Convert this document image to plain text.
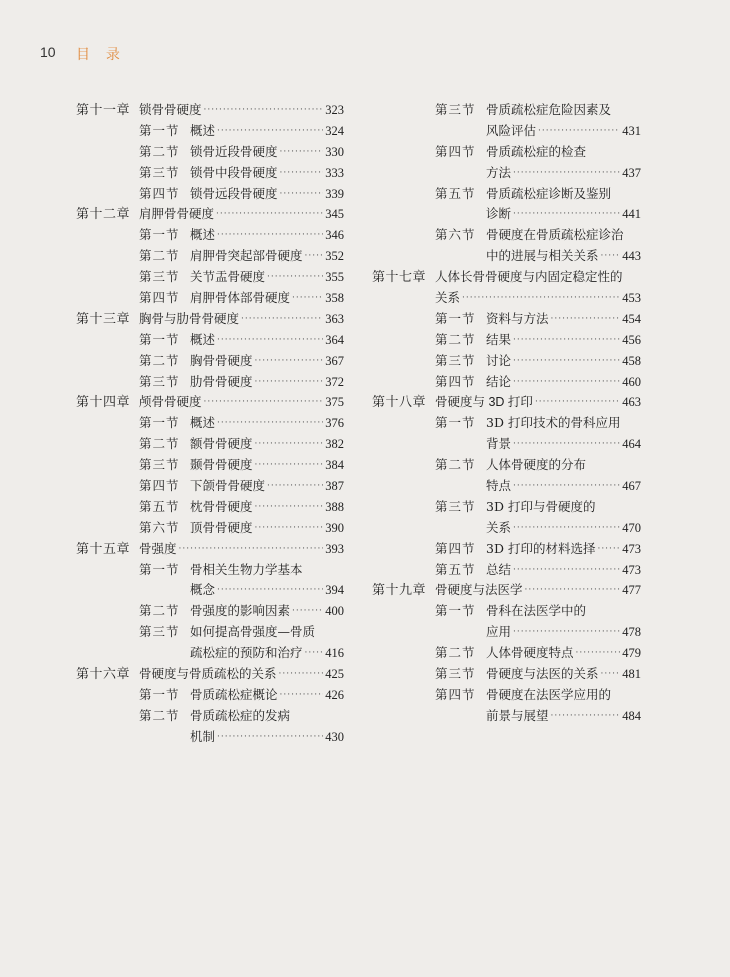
10 目 录
第十一章 锁骨骨硬度 ·····	323
第一节 概述 ·····	324
第二节 锁骨近段骨硬度 ·····	330
第三节 锁骨中段骨硬度 ·····	333
第四节 锁骨远段骨硬度 ·····	339
第十二章 肩胛骨骨硬度 ·····	345
第一节 概述 ·····	346
第二节 肩胛骨突起部骨硬度 ····· 352
第三节 关节盂骨硬度 ·····	355
第四节 肩胛骨体部骨硬度 ·····	358
第十三章 胸骨与肋骨骨硬度 ·····	363
第一节 概述 ·····	364
第二节 胸骨骨硬度 ·····	367
第三节 肋骨骨硬度 ·····	372
第十四章 颅骨骨硬度 ·····	375
第一节 概述 ·····	376
第二节 额骨骨硬度 ·····	382
第三节 颞骨骨硬度 ·····	384
第四节 下颌骨骨硬度 ·····	387
第五节 枕骨骨硬度 ·····	388
第六节 顶骨骨硬度 ·····	390
第十五章 骨强度 ·····	393
第一节 骨相关生物力学基本
概念 ·····	394
第二节 骨强度的影响因素 ·····	400
第三节 如何提高骨强度—骨质
疏松症的预防和治疗 ····· 416
第十六章 骨硬度与骨质疏松的关系 ·····	425
第一节 骨质疏松症概论 ·····	426
第二节 骨质疏松症的发病
机制 ·····	430
第三节 骨质疏松症危险因素及
风险评估 ·····	431
第四节 骨质疏松症的检查
方法 ·····	437
第五节 骨质疏松症诊断及鉴别
诊断 ·····	441
第六节 骨硬度在骨质疏松症诊治
中的进展与相关关系 ····· 443
第十七章 人体长骨骨硬度与内固定稳定性的
关系 ·····	453
第一节 资料与方法 ·····	454
第二节 结果 ·····	456
第三节 讨论 ·····	458
第四节 结论 ·····	460
第十八章 骨硬度与 3D 打印 ·····	463
第一节 3D 打印技术的骨科应用
背景 ·····	464
第二节 人体骨硬度的分布
特点 ·····	467
第三节 3D 打印与骨硬度的
关系 ·····	470
第四节 3D 打印的材料选择 ····· 473
第五节 总结 ·····	473
第十九章 骨硬度与法医学 ·····	477
第一节 骨科在法医学中的
应用 ·····	478
第二节 人体骨硬度特点 ·····	479
第三节 骨硬度与法医的关系 ····· 481
第四节 骨硬度在法医学应用的
前景与展望 ·····	484
